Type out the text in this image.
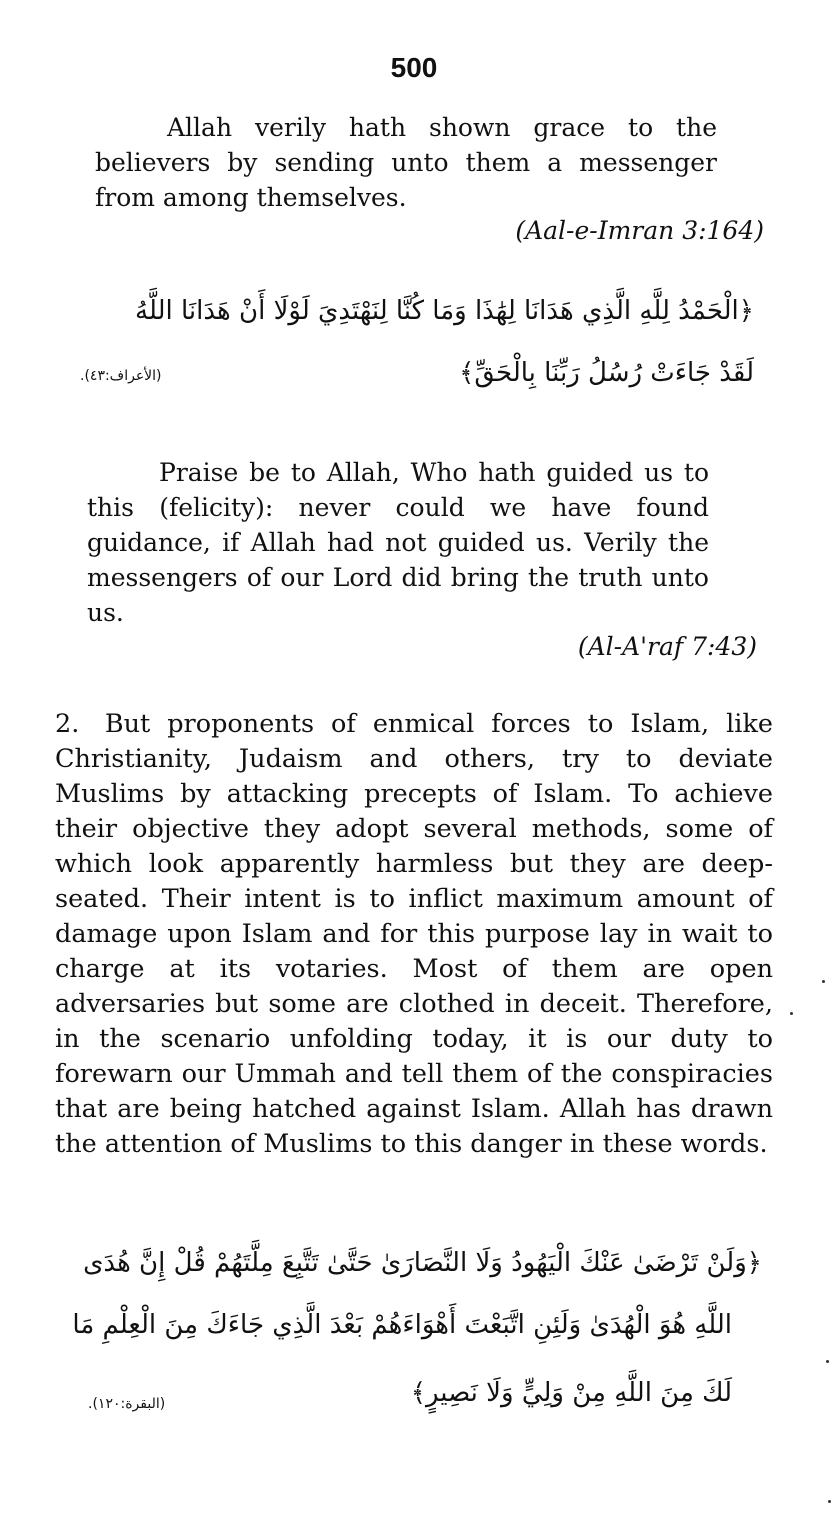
500

Allah verily hath shown grace to the believers by sending unto them a messenger from among themselves.

(Aal-e-Imran 3:164)

﴿الْحَمْدُ لِلَّهِ الَّذِي هَدَانَا لِهَٰذَا وَمَا كُنَّا لِنَهْتَدِيَ لَوْلَا أَنْ هَدَانَا اللَّهُ

لَقَدْ جَاءَتْ رُسُلُ رَبِّنَا بِالْحَقِّ﴾

(الأعراف:٤٣).

Praise be to Allah, Who hath guided us to this (felicity): never could we have found guidance, if Allah had not guided us. Verily the messengers of our Lord did bring the truth unto us.

(Al-A'raf 7:43)

2. But proponents of enmical forces to Islam, like Christianity, Judaism and others, try to deviate Muslims by attacking precepts of Islam. To achieve their objective they adopt several methods, some of which look apparently harmless but they are deep-seated. Their intent is to inflict maximum amount of damage upon Islam and for this purpose lay in wait to charge at its votaries. Most of them are open adversaries but some are clothed in deceit. Therefore, in the scenario unfolding today, it is our duty to forewarn our Ummah and tell them of the conspiracies that are being hatched against Islam. Allah has drawn the attention of Muslims to this danger in these words.

﴿وَلَنْ تَرْضَىٰ عَنْكَ الْيَهُودُ وَلَا النَّصَارَىٰ حَتَّىٰ تَتَّبِعَ مِلَّتَهُمْ قُلْ إِنَّ هُدَى

اللَّهِ هُوَ الْهُدَىٰ وَلَئِنِ اتَّبَعْتَ أَهْوَاءَهُمْ بَعْدَ الَّذِي جَاءَكَ مِنَ الْعِلْمِ مَا

لَكَ مِنَ اللَّهِ مِنْ وَلِيٍّ وَلَا نَصِيرٍ﴾

(البقرة:١٢٠).
